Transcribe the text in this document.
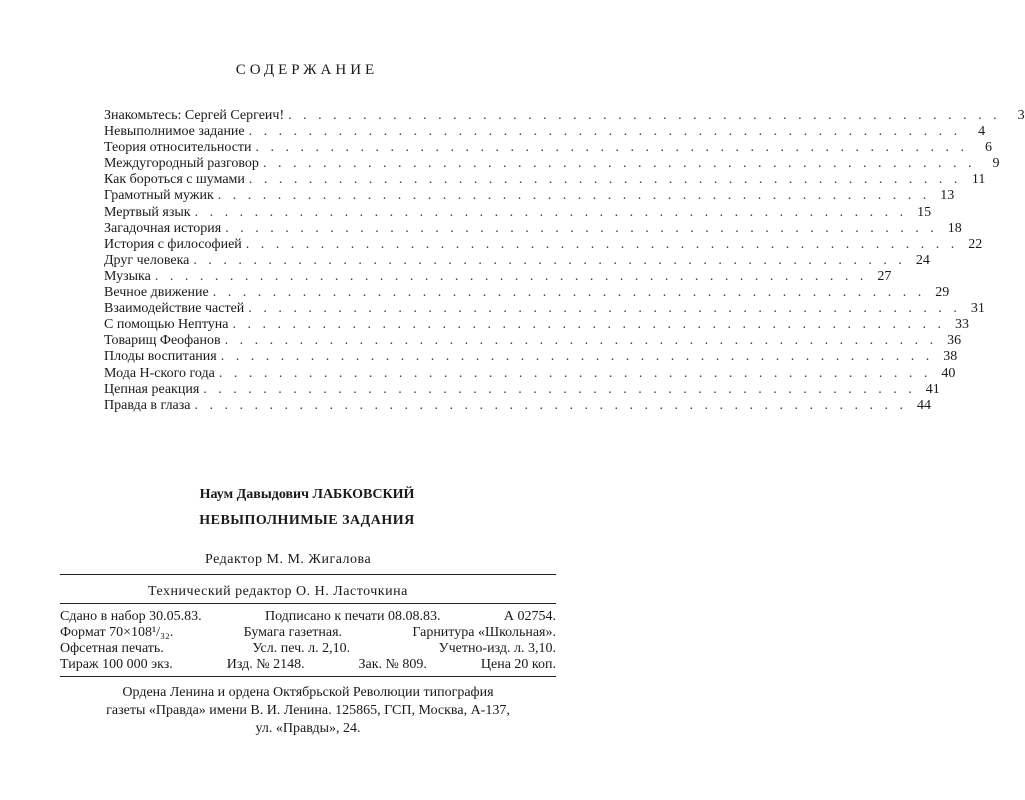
СОДЕРЖАНИЕ
Знакомьтесь: Сергей Сергеич! . . . . . . . . . . . . . . . . . . . . . . . . . . . . . . . . . . . . . . . . . . . . . . . .	3
Невыполнимое задание . . . . . . . . . . . . . . . . . . . . . . . . . . . . . . . . . . . . . . . . . . . . . . . .	4
Теория относительности . . . . . . . . . . . . . . . . . . . . . . . . . . . . . . . . . . . . . . . . . . . . . . . .	6
Междугородный разговор . . . . . . . . . . . . . . . . . . . . . . . . . . . . . . . . . . . . . . . . . . . . . . . .	9
Как бороться с шумами . . . . . . . . . . . . . . . . . . . . . . . . . . . . . . . . . . . . . . . . . . . . . . . . 11
Грамотный мужик . . . . . . . . . . . . . . . . . . . . . . . . . . . . . . . . . . . . . . . . . . . . . . . . 13
Мертвый язык . . . . . . . . . . . . . . . . . . . . . . . . . . . . . . . . . . . . . . . . . . . . . . . . 15
Загадочная история . . . . . . . . . . . . . . . . . . . . . . . . . . . . . . . . . . . . . . . . . . . . . . . . 18
История с философией . . . . . . . . . . . . . . . . . . . . . . . . . . . . . . . . . . . . . . . . . . . . . . . . 22
Друг человека . . . . . . . . . . . . . . . . . . . . . . . . . . . . . . . . . . . . . . . . . . . . . . . . 24
Музыка . . . . . . . . . . . . . . . . . . . . . . . . . . . . . . . . . . . . . . . . . . . . . . . . 27
Вечное движение . . . . . . . . . . . . . . . . . . . . . . . . . . . . . . . . . . . . . . . . . . . . . . . . 29
Взаимодействие частей . . . . . . . . . . . . . . . . . . . . . . . . . . . . . . . . . . . . . . . . . . . . . . . . 31
С помощью Нептуна . . . . . . . . . . . . . . . . . . . . . . . . . . . . . . . . . . . . . . . . . . . . . . . . 33
Товарищ Феофанов . . . . . . . . . . . . . . . . . . . . . . . . . . . . . . . . . . . . . . . . . . . . . . . . 36
Плоды воспитания . . . . . . . . . . . . . . . . . . . . . . . . . . . . . . . . . . . . . . . . . . . . . . . . 38
Мода Н-ского года . . . . . . . . . . . . . . . . . . . . . . . . . . . . . . . . . . . . . . . . . . . . . . . . 40
Цепная реакция . . . . . . . . . . . . . . . . . . . . . . . . . . . . . . . . . . . . . . . . . . . . . . . . 41
Правда в глаза . . . . . . . . . . . . . . . . . . . . . . . . . . . . . . . . . . . . . . . . . . . . . . . . 44
Наум Давыдович ЛАБКОВСКИЙ
НЕВЫПОЛНИМЫЕ ЗАДАНИЯ
Редактор М. М. Жигалова
Технический редактор О. Н. Ласточкина
Сдано в набор 30.05.83.	Подписано к печати 08.08.83.	А 02754.
Формат 70×108¹/₃₂.	Бумага газетная.	Гарнитура «Школьная».
Офсетная печать.	Усл. печ. л. 2,10.	Учетно-изд. л. 3,10.
Тираж 100 000 экз.	Изд. № 2148.	Зак. № 809.	Цена 20 коп.
Ордена Ленина и ордена Октябрьской Революции типография
газеты «Правда» имени В. И. Ленина. 125865, ГСП, Москва, А-137,
ул. «Правды», 24.
